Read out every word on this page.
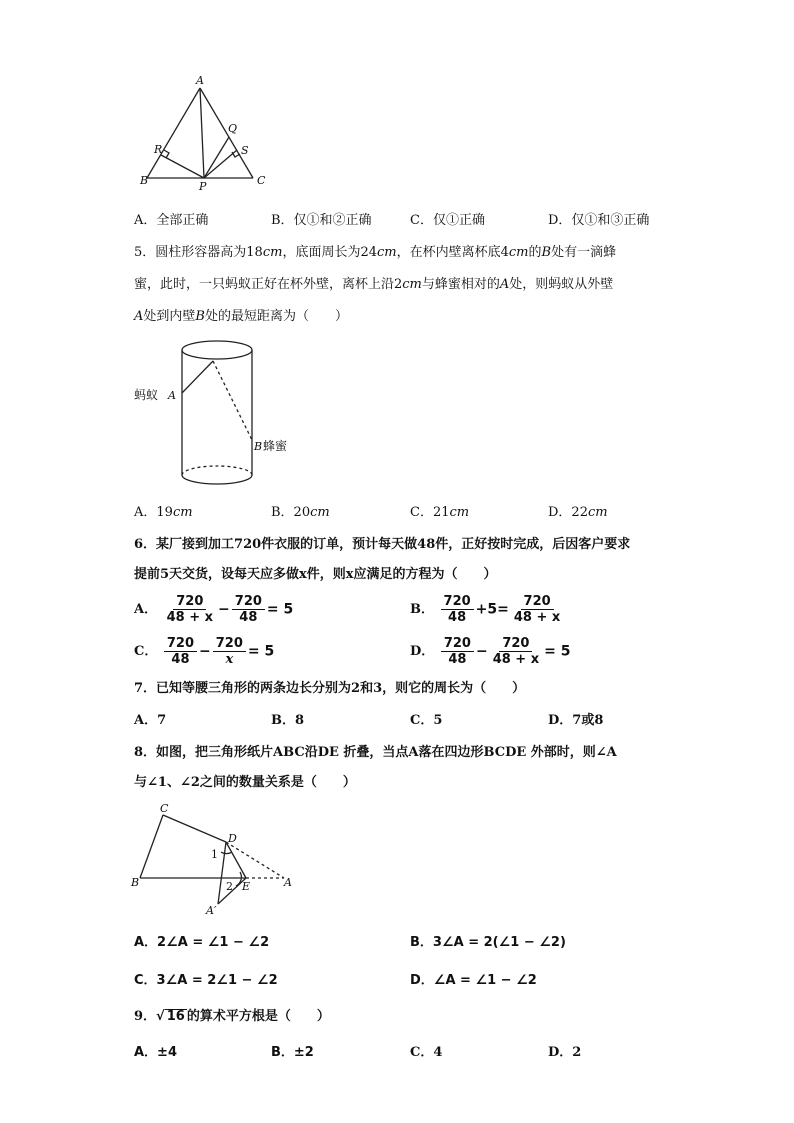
A
B	C
P
Q
R	S
A．全部正确	B．仅①和②正确	C．仅①正确	D．仅①和③正确
5．圆柱形容器高为18cm，底面周长为24cm，在杯内壁离杯底4cm的B处有一滴蜂
蜜，此时，一只蚂蚁正好在杯外壁，离杯上沿2cm与蜂蜜相对的A处，则蚂蚁从外壁
A处到内壁B处的最短距离为（　　）
蚂蚁 A
B 蜂蜜
A．19cm	B．20cm	C．21cm	D．22cm
6．某厂接到加工720件衣服的订单，预计每天做48件，正好按时完成，后因客户要求
提前5天交货，设每天应多做x件，则x应满足的方程为（　　）
A． $\frac{720}{48 + x} - \frac{720}{48} = 5$	B． $\frac{720}{48} +5= \frac{720}{48 + x}$
C． $\frac{720}{48} - \frac{720}{x} = 5$	D． $\frac{720}{48} - \frac{720}{48 + x} = 5$
7．已知等腰三角形的两条边长分别为2和3，则它的周长为（　　）
A．7	B．8	C．5	D．7或8
8．如图，把三角形纸片ABC沿DE 折叠，当点A落在四边形BCDE 外部时，则∠A
与∠1、∠2之间的数量关系是（　　）
C
D
B	E	A
A′
1
2
A．2∠A = ∠1 − ∠2	B．3∠A = 2(∠1 − ∠2)
C．3∠A = 2∠1 − ∠2	D．∠A = ∠1 − ∠2
9．√ 16 的算术平方根是（　　）
A．±4	B．±2	C．4	D．2
